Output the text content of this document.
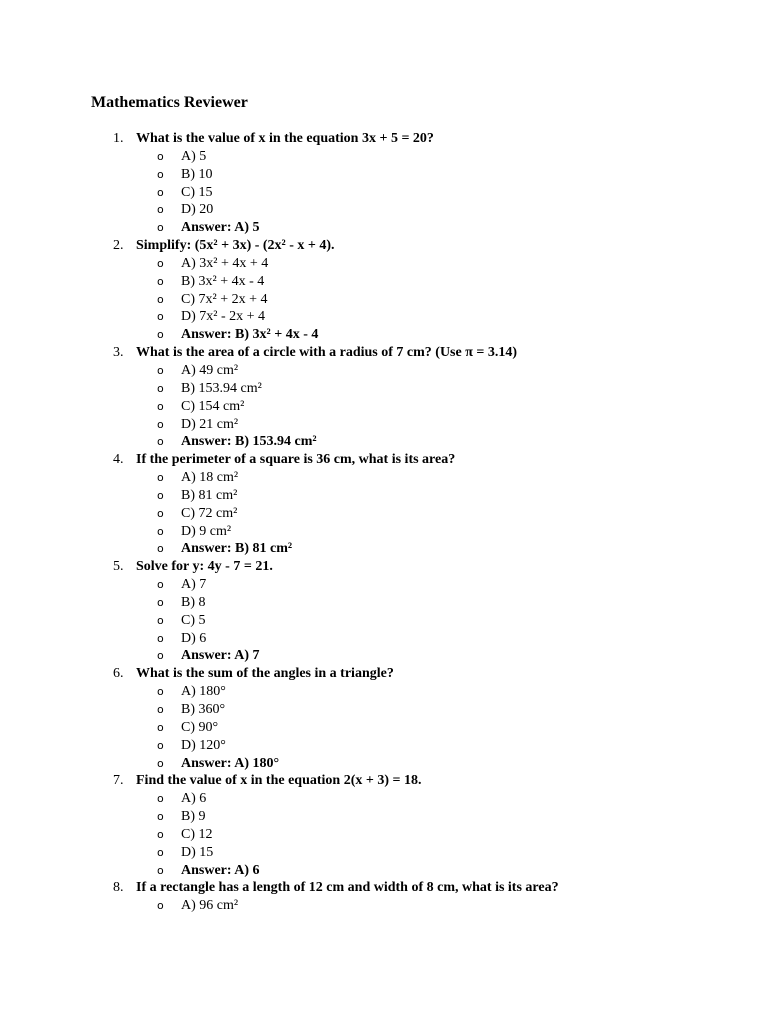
Mathematics Reviewer
1. What is the value of x in the equation 3x + 5 = 20?
o A) 5
o B) 10
o C) 15
o D) 20
o Answer: A) 5
2. Simplify: (5x² + 3x) - (2x² - x + 4).
o A) 3x² + 4x + 4
o B) 3x² + 4x - 4
o C) 7x² + 2x + 4
o D) 7x² - 2x + 4
o Answer: B) 3x² + 4x - 4
3. What is the area of a circle with a radius of 7 cm? (Use π = 3.14)
o A) 49 cm²
o B) 153.94 cm²
o C) 154 cm²
o D) 21 cm²
o Answer: B) 153.94 cm²
4. If the perimeter of a square is 36 cm, what is its area?
o A) 18 cm²
o B) 81 cm²
o C) 72 cm²
o D) 9 cm²
o Answer: B) 81 cm²
5. Solve for y: 4y - 7 = 21.
o A) 7
o B) 8
o C) 5
o D) 6
o Answer: A) 7
6. What is the sum of the angles in a triangle?
o A) 180°
o B) 360°
o C) 90°
o D) 120°
o Answer: A) 180°
7. Find the value of x in the equation 2(x + 3) = 18.
o A) 6
o B) 9
o C) 12
o D) 15
o Answer: A) 6
8. If a rectangle has a length of 12 cm and width of 8 cm, what is its area?
o A) 96 cm²
